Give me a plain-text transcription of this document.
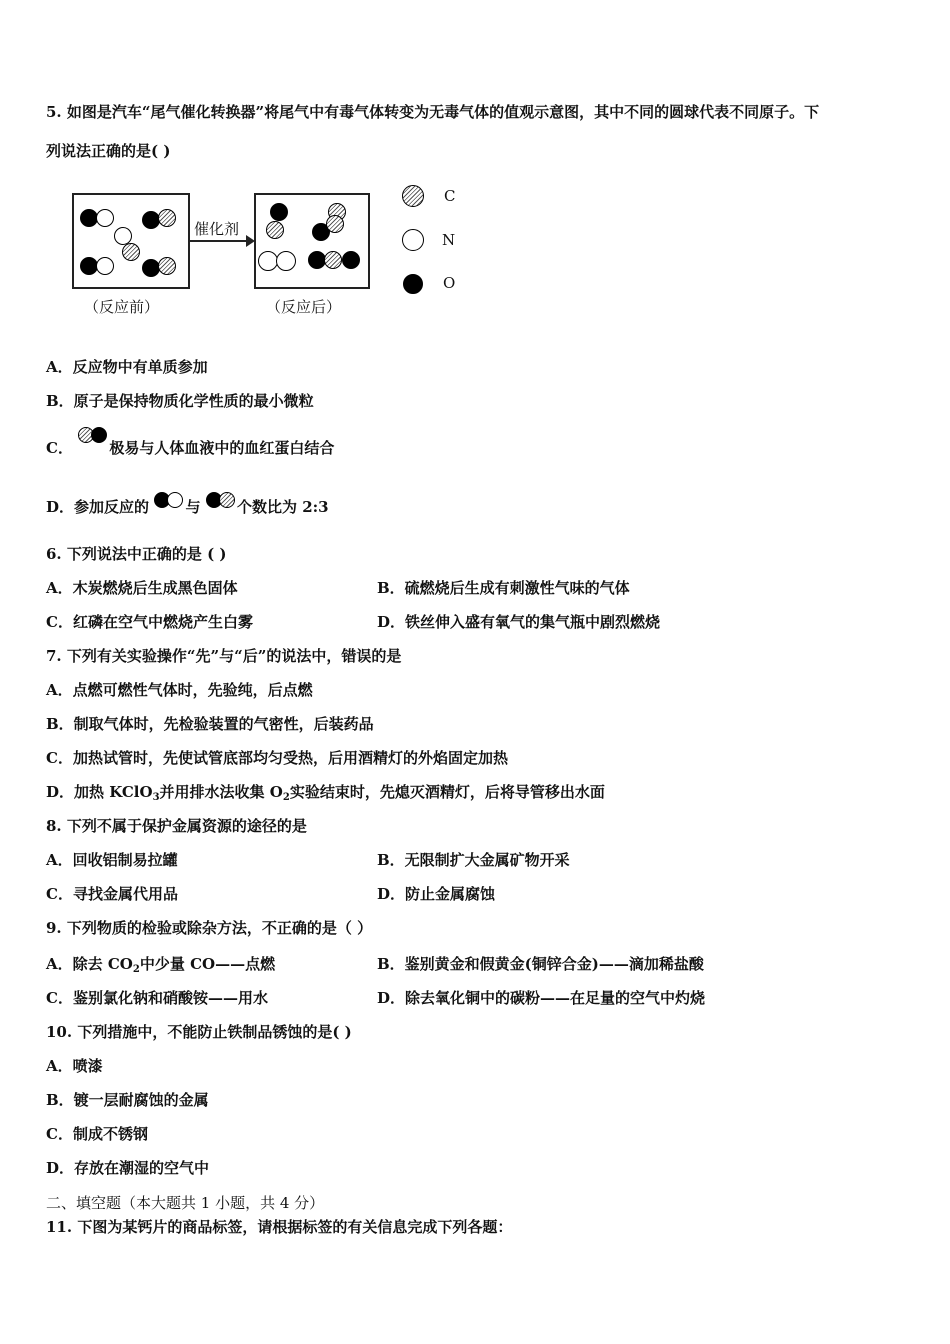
5. 如图是汽车“尾气催化转换器”将尾气中有毒气体转变为无毒气体的值观示意图，其中不同的圆球代表不同原子。下
列说法正确的是( )
催化剂
（反应前）	（反应后）
C
N
O
A．反应物中有单质参加
B．原子是保持物质化学性质的最小微粒
C． 极易与人体血液中的血红蛋白结合
D．参加反应的 与 个数比为 2:3
6. 下列说法中正确的是 ( )
A．木炭燃烧后生成黑色固体	B．硫燃烧后生成有刺激性气味的气体
C．红磷在空气中燃烧产生白雾	D．铁丝伸入盛有氧气的集气瓶中剧烈燃烧
7. 下列有关实验操作“先”与“后”的说法中，错误的是
A．点燃可燃性气体时，先验纯，后点燃
B．制取气体时，先检验装置的气密性，后装药品
C．加热试管时，先使试管底部均匀受热，后用酒精灯的外焰固定加热
D．加热 KClO$_3$并用排水法收集 $O_2$实验结束时，先熄灭酒精灯，后将导管移出水面
8. 下列不属于保护金属资源的途径的是
A．回收铝制易拉罐	B．无限制扩大金属矿物开采
C．寻找金属代用品	D．防止金属腐蚀
9. 下列物质的检验或除杂方法，不正确的是（ ）
A．除去 $CO_2$中少量 CO——点燃	B．鉴别黄金和假黄金(铜锌合金)——滴加稀盐酸
C．鉴别氯化钠和硝酸铵——用水	D．除去氧化铜中的碳粉——在足量的空气中灼烧
10. 下列措施中，不能防止铁制品锈蚀的是( )
A．喷漆
B．镀一层耐腐蚀的金属
C．制成不锈钢
D．存放在潮湿的空气中
二、填空题（本大题共 1 小题，共 4 分）
11. 下图为某钙片的商品标签，请根据标签的有关信息完成下列各题：
